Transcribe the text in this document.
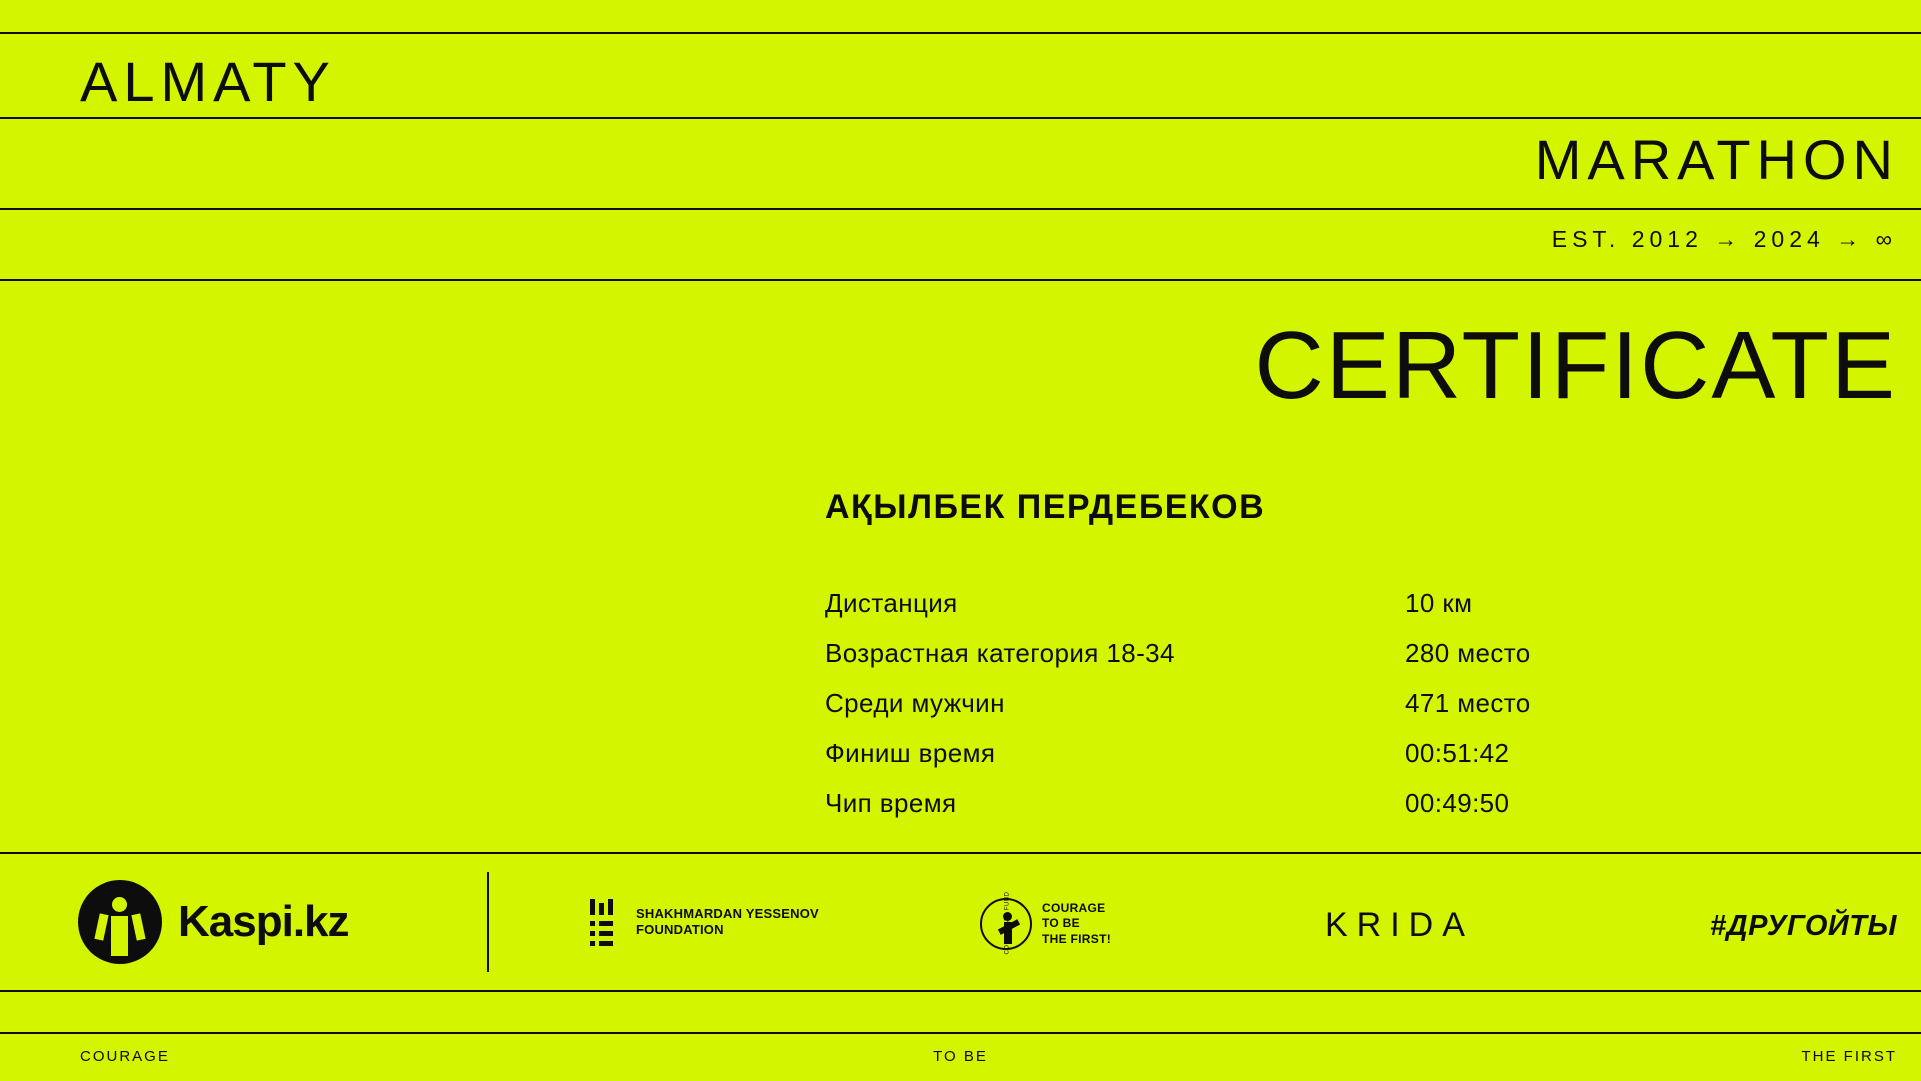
ALMATY
MARATHON
EST. 2012 → 2024 → ∞
CERTIFICATE
АҚЫЛБЕК ПЕРДЕБЕКОВ
Дистанция	10 км
Возрастная категория 18-34	280 место
Среди мужчин	471 место
Финиш время	00:51:42
Чип время	00:49:50
Kaspi.kz	SHAKHMARDAN YESSENOV
FOUNDATION	CORPORATE FUND	COURAGE
TO BE
THE FIRST!	KRIDA	#ДРУГОЙТЫ
COURAGE	TO BE	THE FIRST
